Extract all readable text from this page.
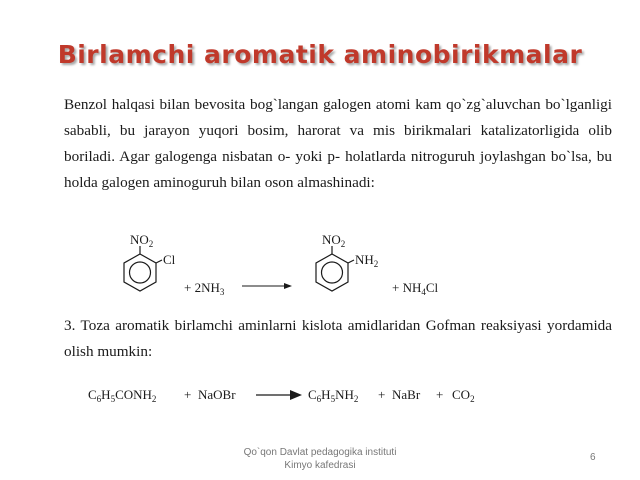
Birlamchi aromatik aminobirikmalar
Benzol halqasi bilan bevosita bog`langan galogen atomi kam qo`zg`aluvchan bo`lganligi sababli, bu jarayon yuqori bosim, harorat va mis birikmalari katalizatorligida olib boriladi. Agar galogenga nisbatan o- yoki p- holatlarda nitroguruh joylashgan bo`lsa, bu holda galogen aminoguruh bilan oson almashinadi:
$NO_2$
Cl
+ $2NH_3$
$NO_2$
$NH_2$
+ $NH_4Cl$
3. Toza aromatik birlamchi aminlarni kislota amidlaridan Gofman reaksiyasi yordamida olish mumkin:
$C_6H_5CONH_2$ + NaOBr	$C_6H_5NH_2$ + NaBr + $CO_2$
Qo`qon Davlat pedagogika instituti
Kimyo kafedrasi
6
